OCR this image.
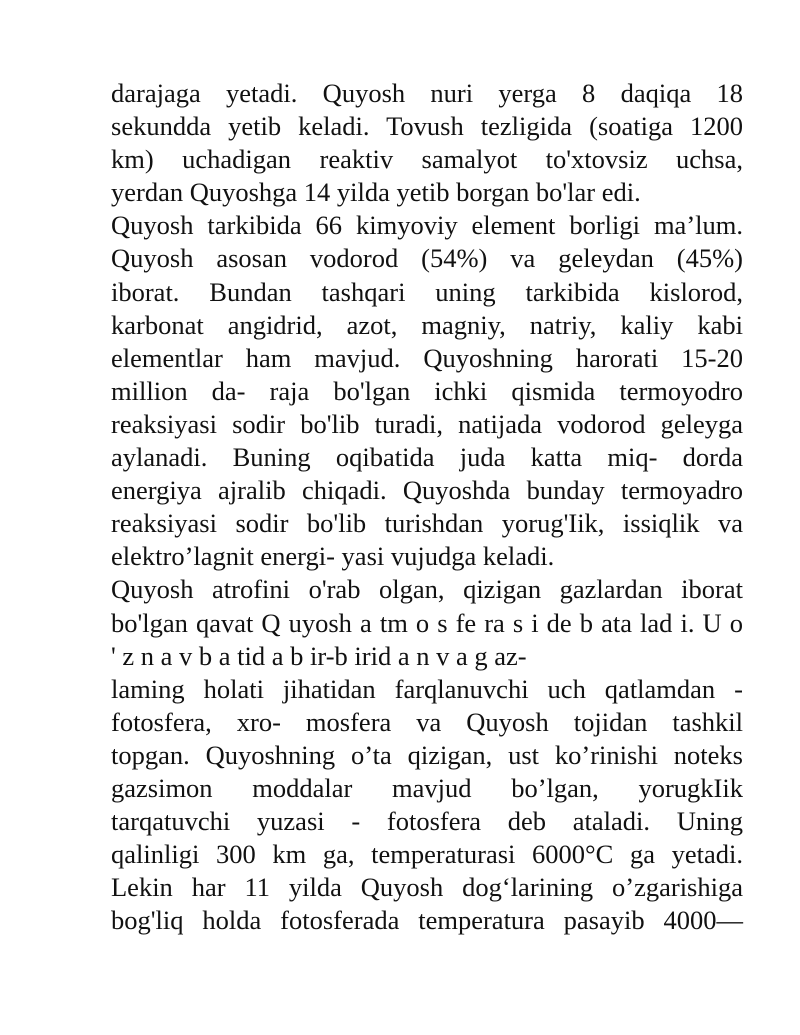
darajaga yetadi. Quyosh nuri yerga 8 daqiqa 18
sekundda yetib keladi. Tovush tezligida (soatiga 1200
km) uchadigan reaktiv samalyot to'xtovsiz uchsa,
yerdan Quyoshga 14 yilda yetib borgan bo'lar edi.
Quyosh tarkibida 66 kimyoviy element borligi ma’lum.
Quyosh asosan vodorod (54%) va geleydan (45%)
iborat. Bundan tashqari uning tarkibida kislorod,
karbonat angidrid, azot, magniy, natriy, kaliy kabi
elementlar ham mavjud. Quyoshning harorati 15-20
million da- raja bo'lgan ichki qismida termoyodro
reaksiyasi sodir bo'lib turadi, natijada vodorod geleyga
aylanadi. Buning oqibatida juda katta miq- dorda
energiya ajralib chiqadi. Quyoshda bunday termoyadro
reaksiyasi sodir bo'lib turishdan yorug'Iik, issiqlik va
elektro’lagnit energi- yasi vujudga keladi.
Quyosh atrofini o'rab olgan, qizigan gazlardan iborat
bo'lgan qavat Q uyosh a tm o s fe ra s i de b ata lad i. U o
' z n a v b a tid a b ir-b irid a n v a g az-
laming holati jihatidan farqlanuvchi uch qatlamdan -
fotosfera, xro- mosfera va Quyosh tojidan tashkil
topgan. Quyoshning o’ta qizigan, ust ko’rinishi noteks
gazsimon moddalar mavjud bo’lgan, yorugkIik
tarqatuvchi yuzasi - fotosfera deb ataladi. Uning
qalinligi 300 km ga, temperaturasi 6000°C ga yetadi.
Lekin har 11 yilda Quyosh dog‘larining o’zgarishiga
bog'liq holda fotosferada temperatura pasayib 4000—
